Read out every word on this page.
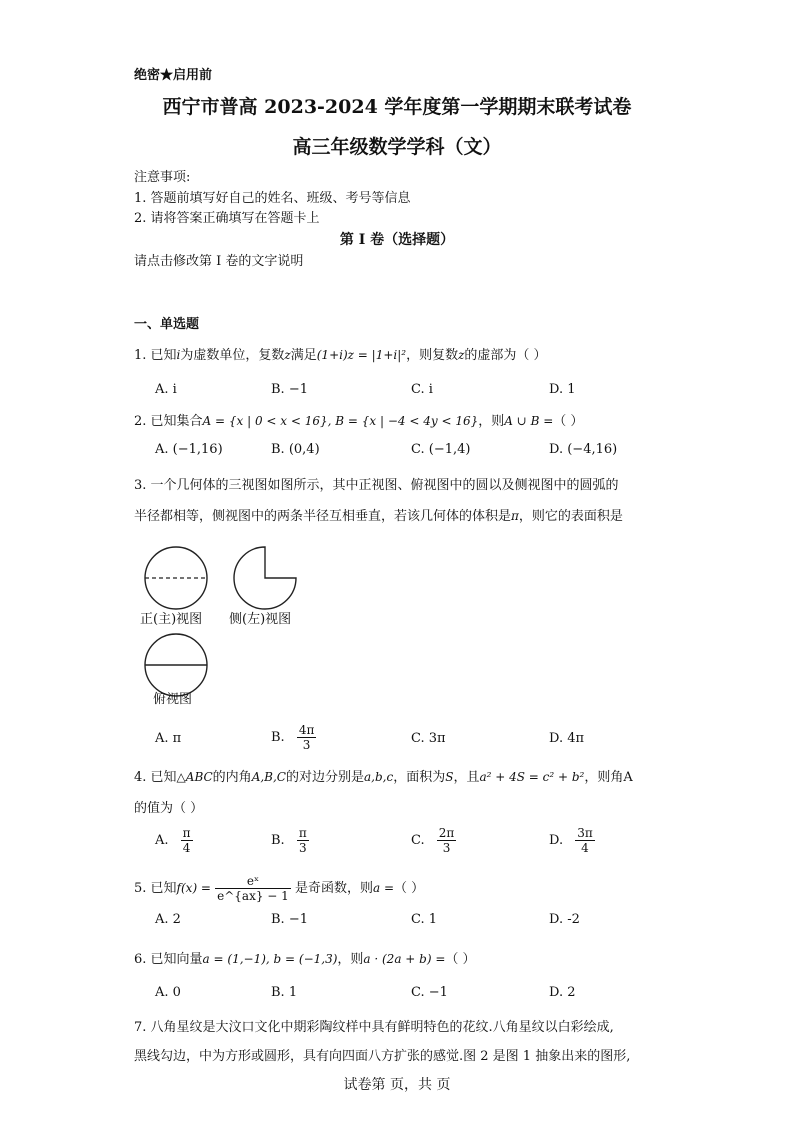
绝密★启用前
西宁市普高 2023-2024 学年度第一学期期末联考试卷
高三年级数学学科（文）
注意事项:
1. 答题前填写好自己的姓名、班级、考号等信息
2. 请将答案正确填写在答题卡上
第 I 卷（选择题）
请点击修改第 I 卷的文字说明
一、单选题
1. 已知i为虚数单位，复数z满足(1+i)z = |1+i|²，则复数z的虚部为（ ）
A. i	B. −1	C. i	D. 1
2. 已知集合A = {x | 0 < x < 16}, B = {x | −4 < 4y < 16}，则A ∪ B =（ ）
A. (−1,16)	B. (0,4)	C. (−1,4)	D. (−4,16)
3. 一个几何体的三视图如图所示，其中正视图、俯视图中的圆以及侧视图中的圆弧的
半径都相等，侧视图中的两条半径互相垂直，若该几何体的体积是π，则它的表面积是
正(主)视图 侧(左)视图
俯视图
A. π	B. $\frac{4\pi}{3}$	C. 3π	D. 4π
4. 已知△ABC的内角A,B,C的对边分别是a,b,c，面积为S，且a² + 4S = c² + b²，则角A
的值为（ ）
A. $\frac{\pi}{4}$	B. $\frac{\pi}{3}$	C. $\frac{2\pi}{3}$	D. $\frac{3\pi}{4}$
5. 已知$f(x) = \frac{\text{eˣ}}{e\^{}\{ax\} - 1}$ 是奇函数，则a =（ ）
A. 2	B. −1	C. 1	D. -2
6. 已知向量a = (1,−1), b = (−1,3)，则a · (2a + b) =（ ）
A. 0	B. 1	C. −1	D. 2
7. 八角星纹是大汶口文化中期彩陶纹样中具有鲜明特色的花纹.八角星纹以白彩绘成,
黑线勾边，中为方形或圆形，具有向四面八方扩张的感觉.图 2 是图 1 抽象出来的图形,
试卷第 页，共 页
